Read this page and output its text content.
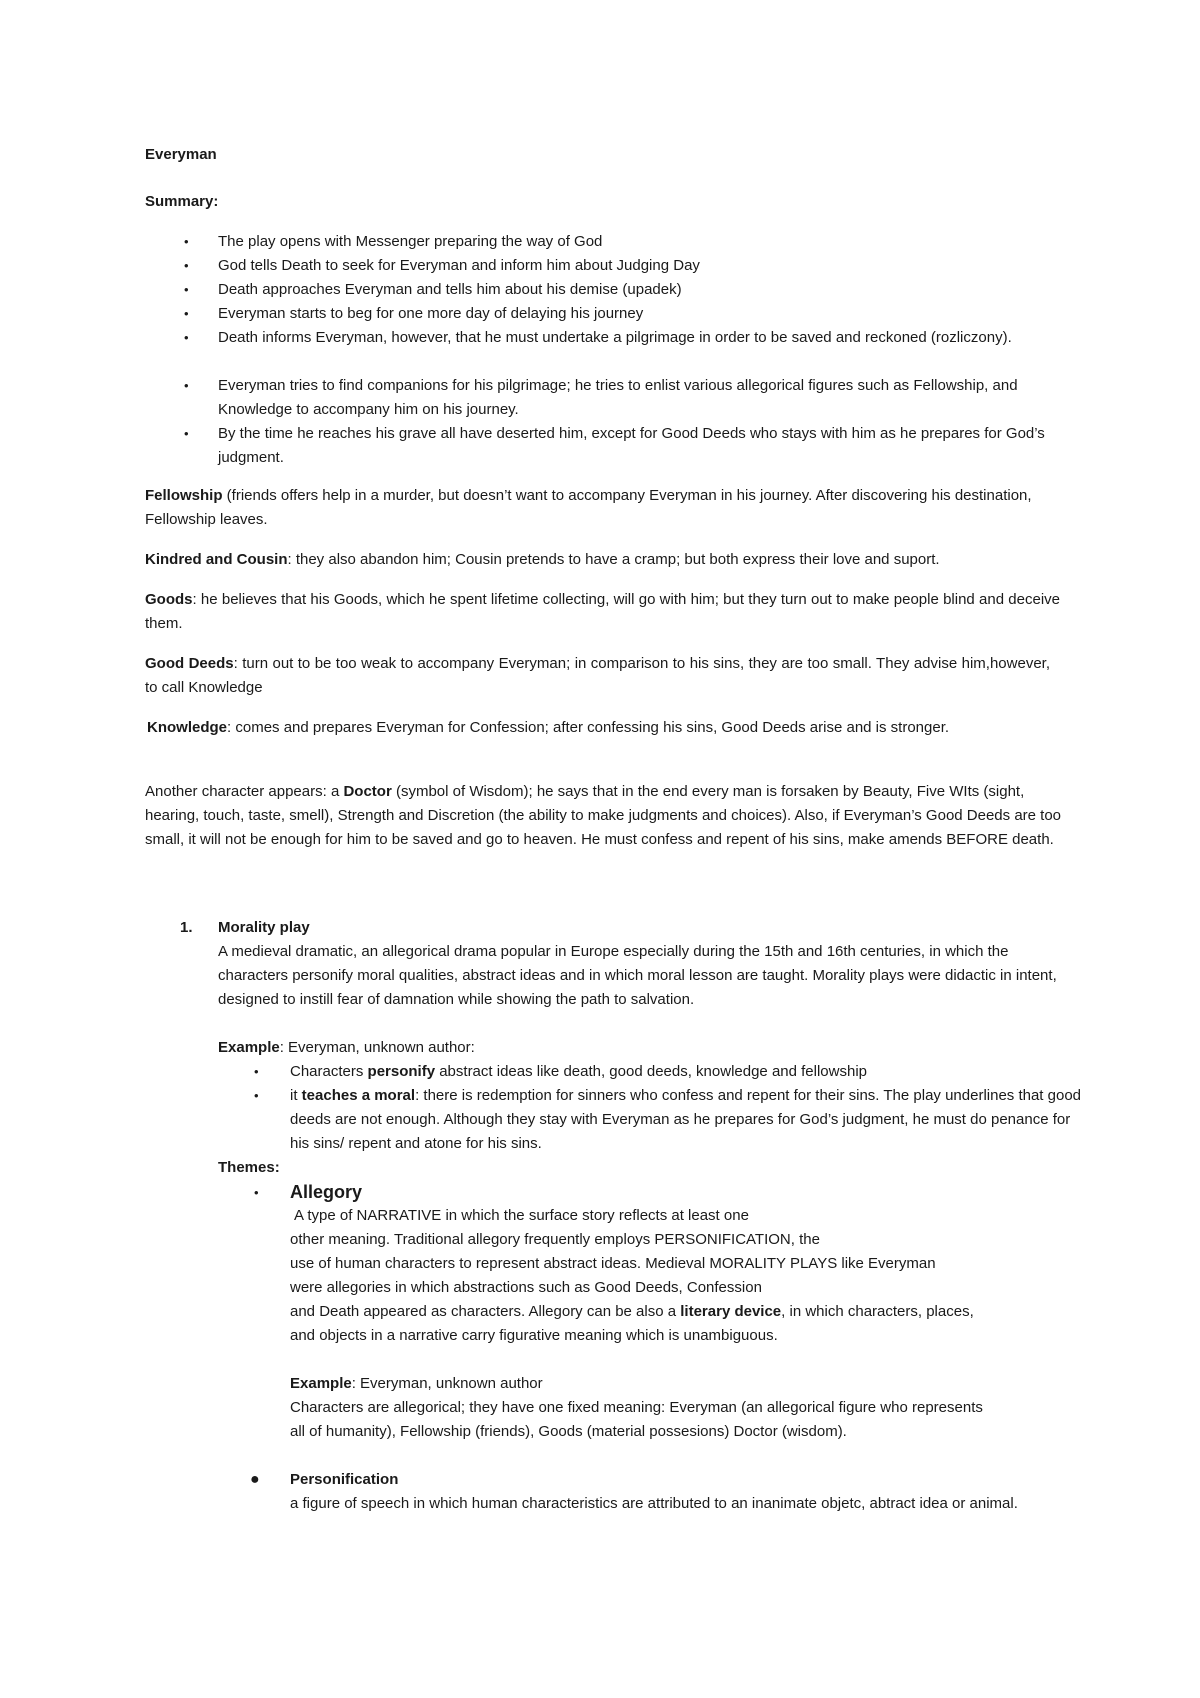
Everyman
Summary:
• The play opens with Messenger preparing the way of God
• God tells Death to seek for Everyman and inform him about Judging Day
• Death approaches Everyman and tells him about his demise (upadek)
• Everyman starts to beg for one more day of delaying his journey
• Death informs Everyman, however, that he must undertake a pilgrimage in order to be saved and reckoned (rozliczony).
• Everyman tries to find companions for his pilgrimage; he tries to enlist various allegorical figures such as Fellowship, and Knowledge to accompany him on his journey.
• By the time he reaches his grave all have deserted him, except for Good Deeds who stays with him as he prepares for God’s judgment.
Fellowship (friends offers help in a murder, but doesn’t want to accompany Everyman in his journey. After discovering his destination, Fellowship leaves.
Kindred and Cousin: they also abandon him; Cousin pretends to have a cramp; but both express their love and suport.
Goods: he believes that his Goods, which he spent lifetime collecting, will go with him; but they turn out to make people blind and deceive them.
Good Deeds: turn out to be too weak to accompany Everyman; in comparison to his sins, they are too small. They advise him,however, to call Knowledge
Knowledge: comes and prepares Everyman for Confession; after confessing his sins, Good Deeds arise and is stronger.
Another character appears: a Doctor (symbol of Wisdom); he says that in the end every man is forsaken by Beauty, Five WIts (sight, hearing, touch, taste, smell), Strength and Discretion (the ability to make judgments and choices). Also, if Everyman’s Good Deeds are too small, it will not be enough for him to be saved and go to heaven. He must confess and repent of his sins, make amends BEFORE death.
1. Morality play
A medieval dramatic, an allegorical drama popular in Europe especially during the 15th and 16th centuries, in which the characters personify moral qualities, abstract ideas and in which moral lesson are taught. Morality plays were didactic in intent, designed to instill fear of damnation while showing the path to salvation.
Example: Everyman, unknown author:
• Characters personify abstract ideas like death, good deeds, knowledge and fellowship
• it teaches a moral: there is redemption for sinners who confess and repent for their sins. The play underlines that good deeds are not enough. Although they stay with Everyman as he prepares for God’s judgment, he must do penance for his sins/ repent and atone for his sins.
Themes:
• Allegory
A type of NARRATIVE in which the surface story reflects at least one
other meaning. Traditional allegory frequently employs PERSONIFICATION, the
use of human characters to represent abstract ideas. Medieval MORALITY PLAYS like Everyman
were allegories in which abstractions such as Good Deeds, Confession
and Death appeared as characters. Allegory can be also a literary device, in which characters, places,
and objects in a narrative carry figurative meaning which is unambiguous.
Example: Everyman, unknown author
Characters are allegorical; they have one fixed meaning: Everyman (an allegorical figure who represents
all of humanity), Fellowship (friends), Goods (material possesions) Doctor (wisdom).
● Personification
a figure of speech in which human characteristics are attributed to an inanimate objetc, abtract idea or animal.
